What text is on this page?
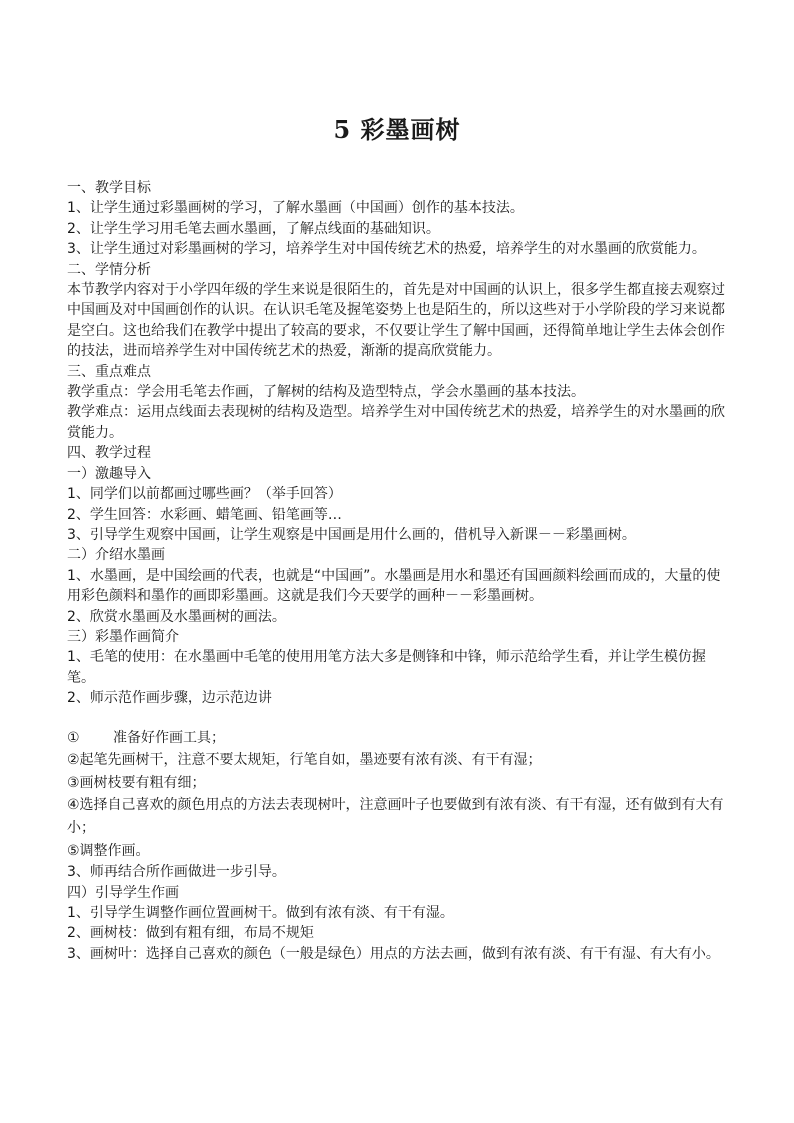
5 彩墨画树

一、教学目标

1、让学生通过彩墨画树的学习，了解水墨画（中国画）创作的基本技法。

2、让学生学习用毛笔去画水墨画，了解点线面的基础知识。

3、让学生通过对彩墨画树的学习，培养学生对中国传统艺术的热爱，培养学生的对水墨画的欣赏能力。

二、学情分析

本节教学内容对于小学四年级的学生来说是很陌生的，首先是对中国画的认识上，很多学生都直接去观察过中国画及对中国画创作的认识。在认识毛笔及握笔姿势上也是陌生的，所以这些对于小学阶段的学习来说都是空白。这也给我们在教学中提出了较高的要求，不仅要让学生了解中国画，还得简单地让学生去体会创作的技法，进而培养学生对中国传统艺术的热爱，渐渐的提高欣赏能力。

三、重点难点

教学重点：学会用毛笔去作画，了解树的结构及造型特点，学会水墨画的基本技法。

教学难点：运用点线面去表现树的结构及造型。培养学生对中国传统艺术的热爱，培养学生的对水墨画的欣赏能力。

四、教学过程

一）激趣导入

1、同学们以前都画过哪些画？（举手回答）

2、学生回答：水彩画、蜡笔画、铅笔画等…

3、引导学生观察中国画，让学生观察是中国画是用什么画的，借机导入新课－－彩墨画树。

二）介绍水墨画

1、水墨画，是中国绘画的代表，也就是“中国画”。水墨画是用水和墨还有国画颜料绘画而成的，大量的使用彩色颜料和墨作的画即彩墨画。这就是我们今天要学的画种－－彩墨画树。

2、欣赏水墨画及水墨画树的画法。

三）彩墨作画简介

1、毛笔的使用：在水墨画中毛笔的使用用笔方法大多是侧锋和中锋，师示范给学生看，并让学生模仿握笔。

2、师示范作画步骤，边示范边讲

① 准备好作画工具；

②起笔先画树干，注意不要太规矩，行笔自如，墨迹要有浓有淡、有干有湿；

③画树枝要有粗有细；

④选择自己喜欢的颜色用点的方法去表现树叶，注意画叶子也要做到有浓有淡、有干有湿，还有做到有大有小；

⑤调整作画。

3、师再结合所作画做进一步引导。

四）引导学生作画

1、引导学生调整作画位置画树干。做到有浓有淡、有干有湿。

2、画树枝：做到有粗有细，布局不规矩

3、画树叶：选择自己喜欢的颜色（一般是绿色）用点的方法去画，做到有浓有淡、有干有湿、有大有小。
